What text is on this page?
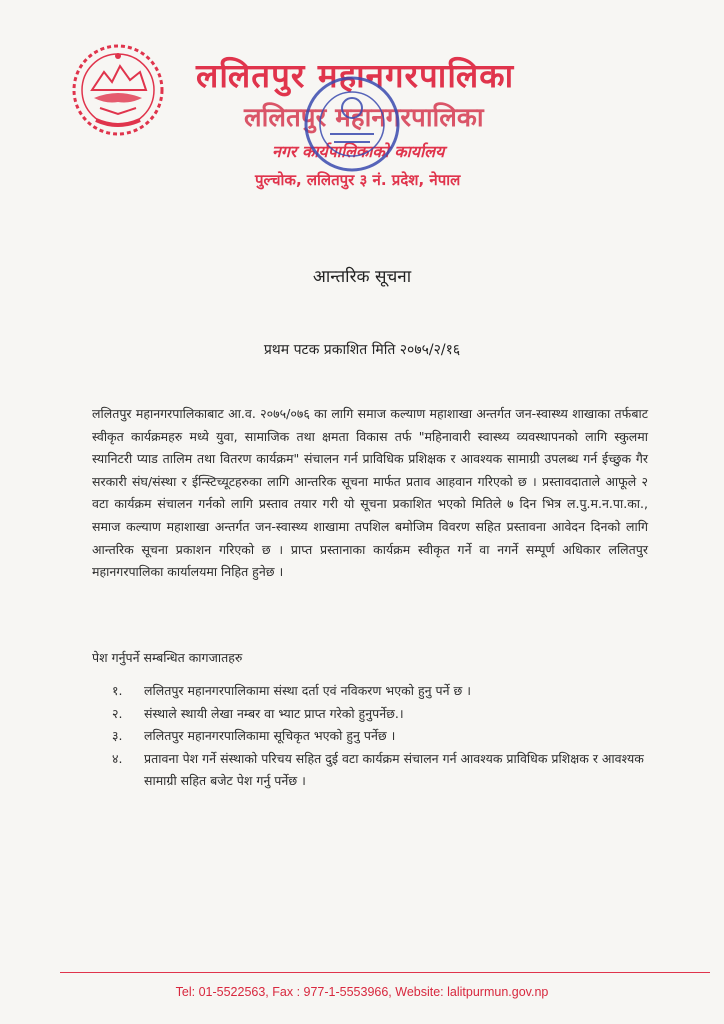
ललितपुर महानगरपालिका
ललितपुर महानगरपालिका
नगर कार्यपालिकाको कार्यालय
पुल्चोक, ललितपुर ३ नं. प्रदेश, नेपाल
आन्तरिक सूचना
प्रथम पटक प्रकाशित मिति २०७५/२/१६
ललितपुर महानगरपालिकाबाट आ.व. २०७५/०७६ का लागि समाज कल्याण महाशाखा अन्तर्गत जन-स्वास्थ्य शाखाका तर्फबाट स्वीकृत कार्यक्रमहरु मध्ये युवा, सामाजिक तथा क्षमता विकास तर्फ "महिनावारी स्वास्थ्य व्यवस्थापनको लागि स्कुलमा स्यानिटरी प्याड तालिम तथा वितरण कार्यक्रम" संचालन गर्न प्राविधिक प्रशिक्षक र आवश्यक सामाग्री उपलब्ध गर्न ईच्छुक गैर सरकारी संघ/संस्था र ईन्स्टिच्यूटहरुका लागि आन्तरिक सूचना मार्फत प्रताव आहवान गरिएको छ । प्रस्तावदाताले आफूले २ वटा कार्यक्रम संचालन गर्नको लागि प्रस्ताव तयार गरी यो सूचना प्रकाशित भएको मितिले ७ दिन भित्र ल.पु.म.न.पा.का., समाज कल्याण महाशाखा अन्तर्गत जन-स्वास्थ्य शाखामा तपशिल बमोजिम विवरण सहित प्रस्तावना आवेदन दिनको लागि आन्तरिक सूचना प्रकाशन गरिएको छ । प्राप्त प्रस्तानाका कार्यक्रम स्वीकृत गर्ने वा नगर्ने सम्पूर्ण अधिकार ललितपुर महानगरपालिका कार्यालयमा निहित हुनेछ ।
पेश गर्नुपर्ने सम्बन्धित कागजातहरु
१.	ललितपुर महानगरपालिकामा संस्था दर्ता एवं नविकरण भएको हुनु पर्ने छ ।
२.	संस्थाले स्थायी लेखा नम्बर वा भ्याट प्राप्त गरेको हुनुपर्नेछ.।
३.	ललितपुर महानगरपालिकामा सूचिकृत भएको हुनु पर्नेछ ।
४.	प्रतावना पेश गर्ने संस्थाको परिचय सहित दुई वटा कार्यक्रम संचालन गर्न आवश्यक प्राविधिक प्रशिक्षक र आवश्यक सामाग्री सहित बजेट पेश गर्नु पर्नेछ ।
Tel: 01-5522563, Fax : 977-1-5553966, Website: lalitpurmun.gov.np
